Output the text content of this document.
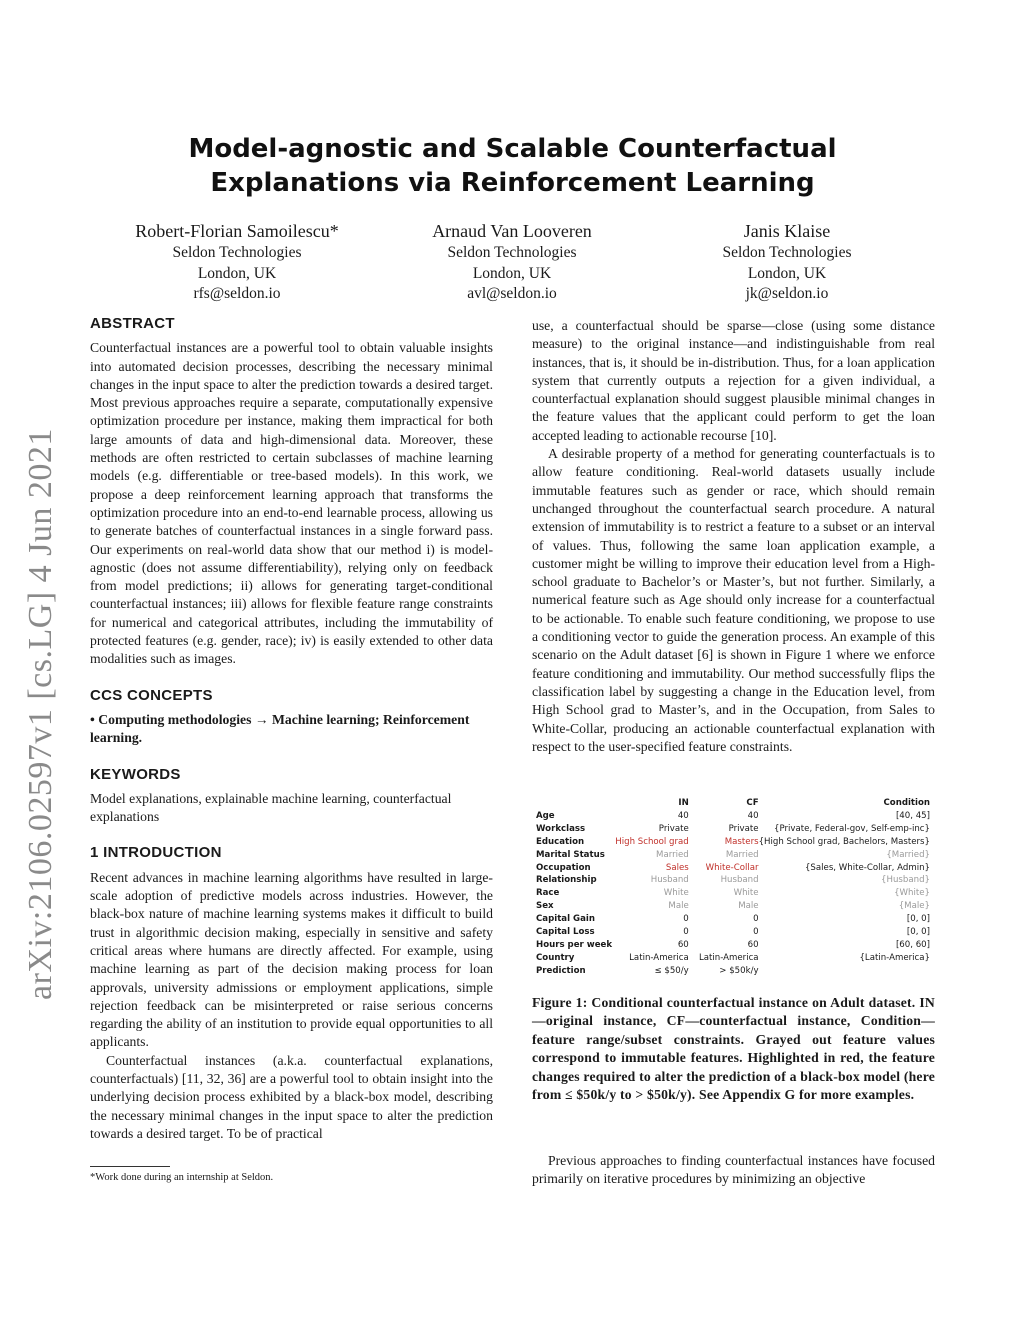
arXiv:2106.02597v1 [cs.LG] 4 Jun 2021
Model-agnostic and Scalable Counterfactual Explanations via Reinforcement Learning
Robert-Florian Samoilescu*
Seldon Technologies
London, UK
rfs@seldon.io
Arnaud Van Looveren
Seldon Technologies
London, UK
avl@seldon.io
Janis Klaise
Seldon Technologies
London, UK
jk@seldon.io
ABSTRACT

Counterfactual instances are a powerful tool to obtain valuable insights into automated decision processes, describing the necessary minimal changes in the input space to alter the prediction towards a desired target. Most previous approaches require a separate, computationally expensive optimization procedure per instance, making them impractical for both large amounts of data and high-dimensional data. Moreover, these methods are often restricted to certain subclasses of machine learning models (e.g. differentiable or tree-based models). In this work, we propose a deep reinforcement learning approach that transforms the optimization procedure into an end-to-end learnable process, allowing us to generate batches of counterfactual instances in a single forward pass. Our experiments on real-world data show that our method i) is model-agnostic (does not assume differentiability), relying only on feedback from model predictions; ii) allows for generating target-conditional counterfactual instances; iii) allows for flexible feature range constraints for numerical and categorical attributes, including the immutability of protected features (e.g. gender, race); iv) is easily extended to other data modalities such as images.

CCS CONCEPTS

• Computing methodologies → Machine learning; Reinforcement learning.

KEYWORDS

Model explanations, explainable machine learning, counterfactual explanations

1 INTRODUCTION

Recent advances in machine learning algorithms have resulted in large-scale adoption of predictive models across industries. However, the black-box nature of machine learning systems makes it difficult to build trust in algorithmic decision making, especially in sensitive and safety critical areas where humans are directly affected. For example, using machine learning as part of the decision making process for loan approvals, university admissions or employment applications, simple rejection feedback can be misinterpreted or raise serious concerns regarding the ability of an institution to provide equal opportunities to all applicants.

Counterfactual instances (a.k.a. counterfactual explanations, counterfactuals) [11, 32, 36] are a powerful tool to obtain insight into the underlying decision process exhibited by a black-box model, describing the necessary minimal changes in the input space to alter the prediction towards a desired target. To be of practical

use, a counterfactual should be sparse—close (using some distance measure) to the original instance—and indistinguishable from real instances, that is, it should be in-distribution. Thus, for a loan application system that currently outputs a rejection for a given individual, a counterfactual explanation should suggest plausible minimal changes in the feature values that the applicant could perform to get the loan accepted leading to actionable recourse [10].

A desirable property of a method for generating counterfactuals is to allow feature conditioning. Real-world datasets usually include immutable features such as gender or race, which should remain unchanged throughout the counterfactual search procedure. A natural extension of immutability is to restrict a feature to a subset or an interval of values. Thus, following the same loan application example, a customer might be willing to improve their education level from a High-school graduate to Bachelor’s or Master’s, but not further. Similarly, a numerical feature such as Age should only increase for a counterfactual to be actionable. To enable such feature conditioning, we propose to use a conditioning vector to guide the generation process. An example of this scenario on the Adult dataset [6] is shown in Figure 1 where we enforce feature conditioning and immutability. Our method successfully flips the classification label by suggesting a change in the Education level, from High School grad to Master’s, and in the Occupation, from Sales to White-Collar, producing an actionable counterfactual explanation with respect to the user-specified feature constraints.

	IN	CF	Condition
Age	40	40	[40, 45]
Workclass	Private	Private	{Private, Federal-gov, Self-emp-inc}
Education	High School grad	Masters	{High School grad, Bachelors, Masters}
Marital Status	Married	Married	{Married}
Occupation	Sales	White-Collar	{Sales, White-Collar, Admin}
Relationship	Husband	Husband	{Husband}
Race	White	White	{White}
Sex	Male	Male	{Male}
Capital Gain	0	0	[0, 0]
Capital Loss	0	0	[0, 0]
Hours per week	60	60	[60, 60]
Country	Latin-America	Latin-America	{Latin-America}
Prediction	≤ $50/y	> $50k/y	
Figure 1: Conditional counterfactual instance on Adult dataset. IN—original instance, CF—counterfactual instance, Condition—feature range/subset constraints. Grayed out feature values correspond to immutable features. Highlighted in red, the feature changes required to alter the prediction of a black-box model (here from ≤ $50k/y to > $50k/y). See Appendix G for more examples.
*Work done during an internship at Seldon.

Previous approaches to finding counterfactual instances have focused primarily on iterative procedures by minimizing an objective
